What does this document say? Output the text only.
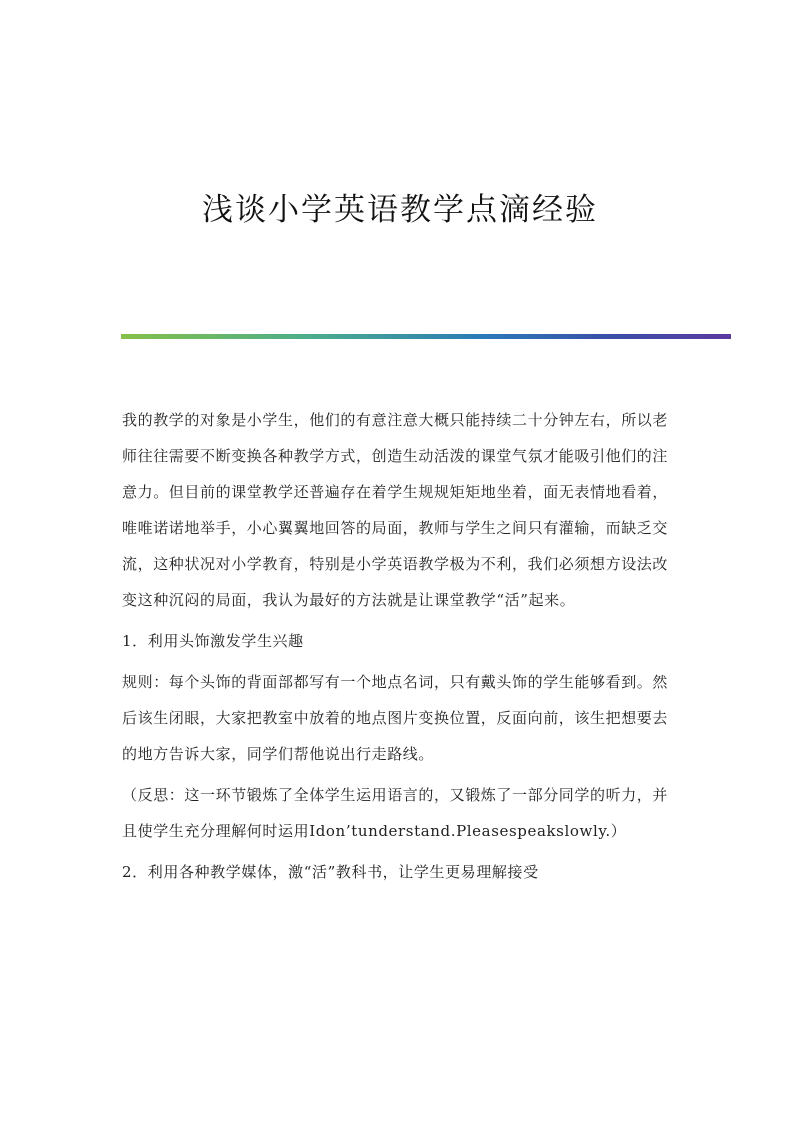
浅谈小学英语教学点滴经验

我的教学的对象是小学生，他们的有意注意大概只能持续二十分钟左右，所以老师往往需要不断变换各种教学方式，创造生动活泼的课堂气氛才能吸引他们的注意力。但目前的课堂教学还普遍存在着学生规规矩矩地坐着，面无表情地看着，唯唯诺诺地举手，小心翼翼地回答的局面，教师与学生之间只有灌输，而缺乏交流，这种状况对小学教育，特别是小学英语教学极为不利，我们必须想方设法改变这种沉闷的局面，我认为最好的方法就是让课堂教学“活”起来。

1．利用头饰激发学生兴趣

规则：每个头饰的背面部都写有一个地点名词，只有戴头饰的学生能够看到。然后该生闭眼，大家把教室中放着的地点图片变换位置，反面向前，该生把想要去的地方告诉大家，同学们帮他说出行走路线。

（反思：这一环节锻炼了全体学生运用语言的，又锻炼了一部分同学的听力，并且使学生充分理解何时运用Idon’tunderstand.Pleasespeakslowly.）

2．利用各种教学媒体，激“活”教科书，让学生更易理解接受
